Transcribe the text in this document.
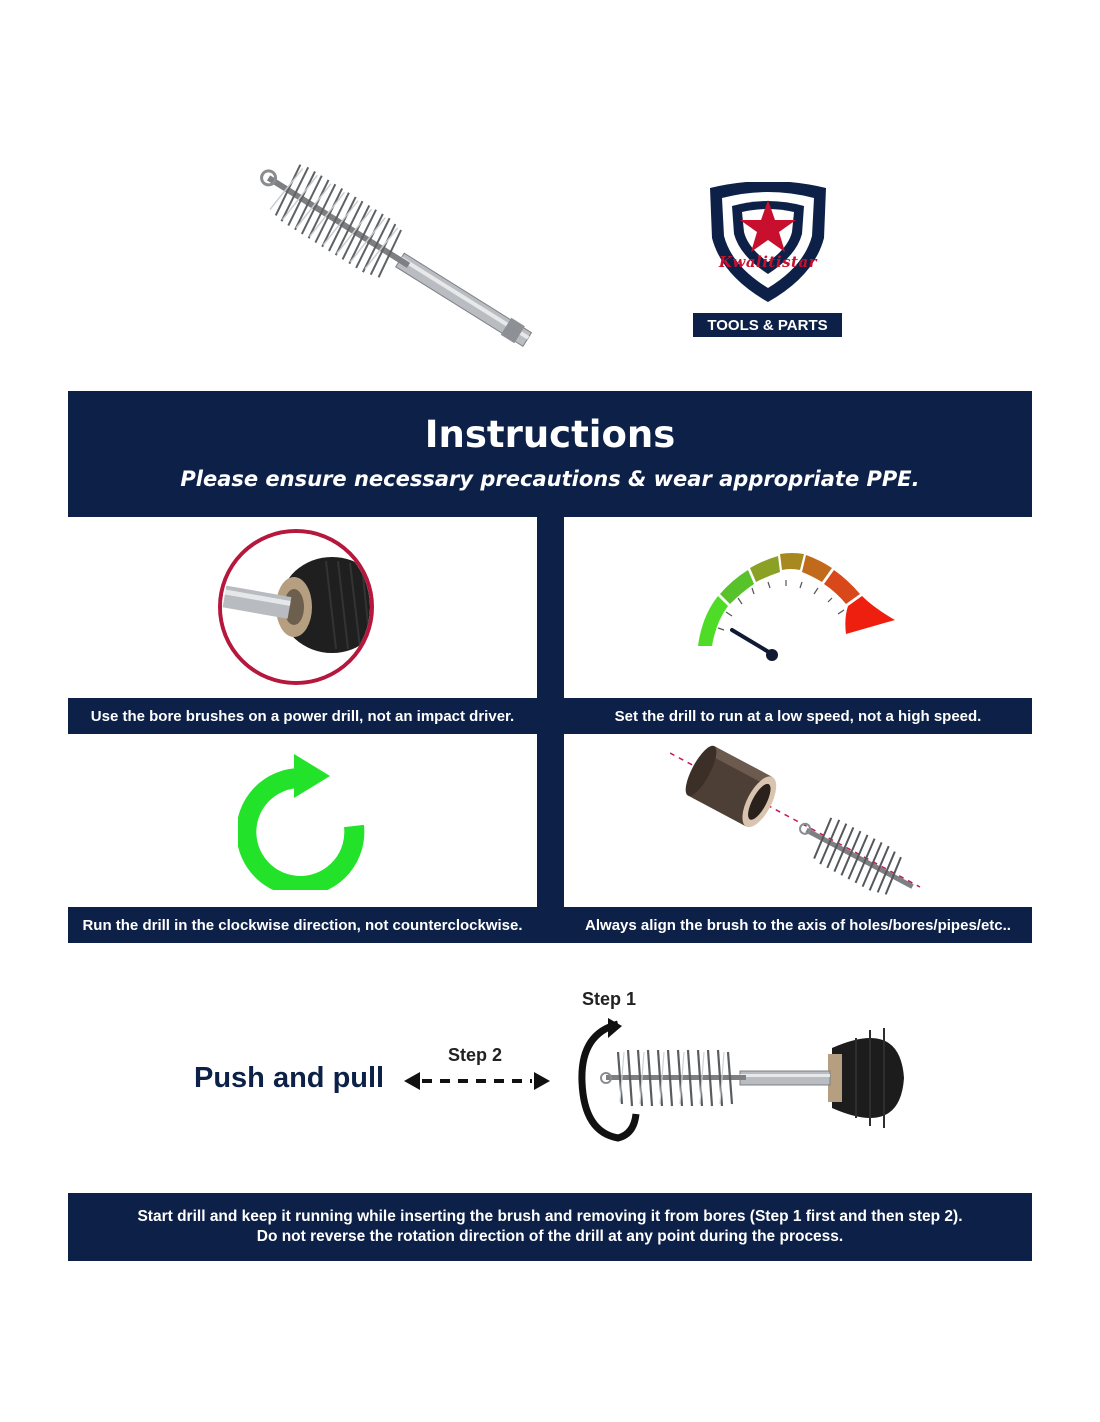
Kwalitistar
TOOLS & PARTS
Instructions
Please ensure necessary precautions & wear appropriate PPE.
Use the bore brushes on a power drill, not an impact driver.	Set the drill to run at a low speed, not a high speed.
Run the drill in the clockwise direction, not counterclockwise.	Always align the brush to the axis of holes/bores/pipes/etc..
Step 1
Step 2
Push and pull
Start drill and keep it running while inserting the brush and removing it from bores (Step 1 first and then step 2).
Do not reverse the rotation direction of the drill at any point during the process.
